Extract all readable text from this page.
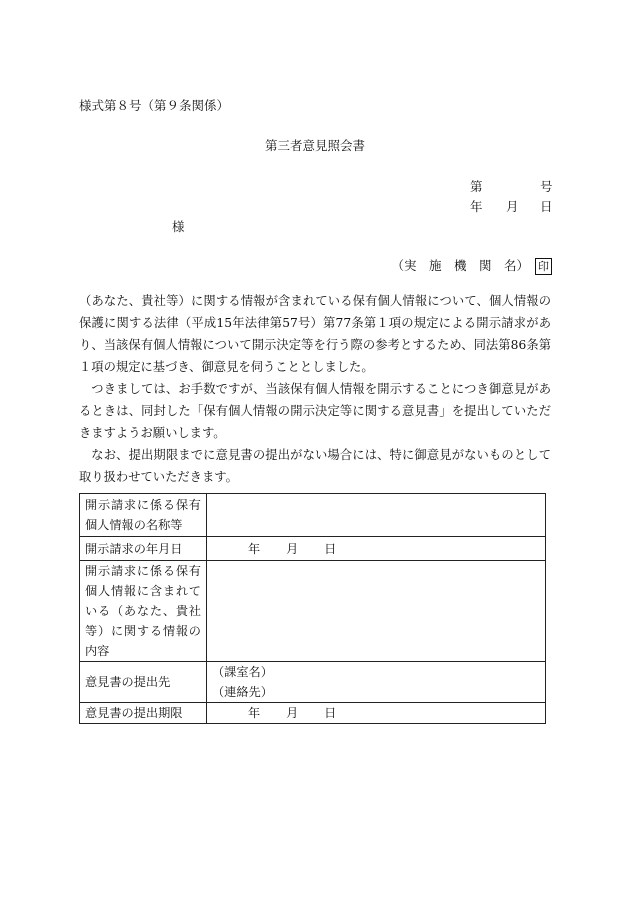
様式第８号（第９条関係）
第三者意見照会書
第	号
年 月 日
様
（実　施　機　関　名） 印

（あなた、貴社等）に関する情報が含まれている保有個人情報について、個人情報の保護に関する法律（平成15年法律第57号）第77条第１項の規定による開示請求があり、当該保有個人情報について開示決定等を行う際の参考とするため、同法第86条第１項の規定に基づき、御意見を伺うこととしました。

つきましては、お手数ですが、当該保有個人情報を開示することにつき御意見があるときは、同封した「保有個人情報の開示決定等に関する意見書」を提出していただきますようお願いします。

なお、提出期限までに意見書の提出がない場合には、特に御意見がないものとして取り扱わせていただきます。

開示請求に係る保有個人情報の名称等	
開示請求の年月日	年 月 日
開示請求に係る保有個人情報に含まれている（あなた、貴社等）に関する情報の内容	
意見書の提出先	（課室名）
（連絡先）

意見書の提出期限	年 月 日
